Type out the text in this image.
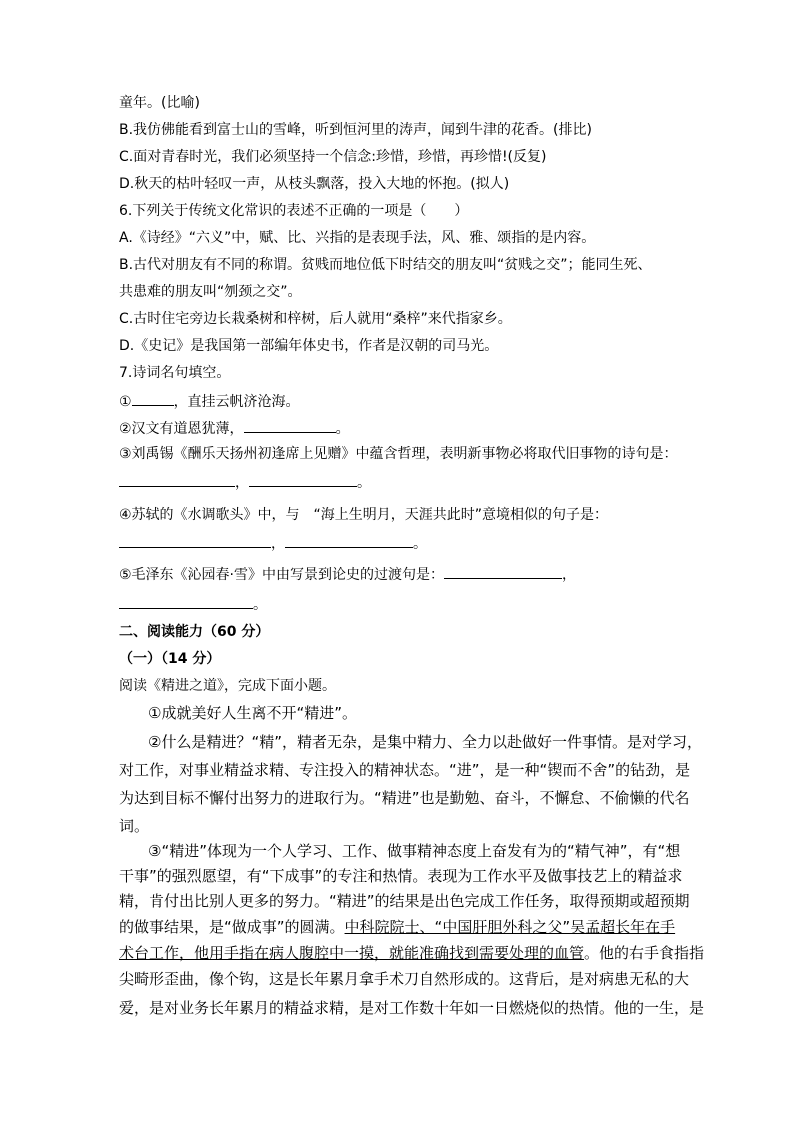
童年。(比喻)
B.我仿佛能看到富士山的雪峰，听到恒河里的涛声，闻到牛津的花香。(排比)
C.面对青春时光，我们必须坚持一个信念:珍惜，珍惜，再珍惜!(反复)
D.秋天的枯叶轻叹一声，从枝头飘落，投入大地的怀抱。(拟人)
6.下列关于传统文化常识的表述不正确的一项是（　　）
A.《诗经》“六义”中，赋、比、兴指的是表现手法，风、雅、颂指的是内容。
B.古代对朋友有不同的称谓。贫贱而地位低下时结交的朋友叫“贫贱之交”；能同生死、
共患难的朋友叫“刎颈之交”。
C.古时住宅旁边长栽桑树和梓树，后人就用“桑梓”来代指家乡。
D.《史记》是我国第一部编年体史书，作者是汉朝的司马光。
7.诗词名句填空。
①	，直挂云帆济沧海。
②汉文有道恩犹薄，	。
③刘禹锡《酬乐天扬州初逢席上见赠》中蕴含哲理，表明新事物必将取代旧事物的诗句是：
，	。
④苏轼的《水调歌头》中，与　“海上生明月，天涯共此时”意境相似的句子是：
，	。
⑤毛泽东《沁园春·雪》中由写景到论史的过渡句是：	，
。
二、阅读能力（60 分）
（一）（14 分）
阅读《精进之道》，完成下面小题。
①成就美好人生离不开“精进”。
②什么是精进？“精”，精者无杂，是集中精力、全力以赴做好一件事情。是对学习，
对工作，对事业精益求精、专注投入的精神状态。“进”，是一种“锲而不舍”的钻劲，是
为达到目标不懈付出努力的进取行为。“精进”也是勤勉、奋斗，不懈怠、不偷懒的代名
词。
③“精进”体现为一个人学习、工作、做事精神态度上奋发有为的“精气神”，有“想
干事”的强烈愿望，有“下成事”的专注和热情。表现为工作水平及做事技艺上的精益求
精，肯付出比别人更多的努力。“精进”的结果是出色完成工作任务，取得预期或超预期
的做事结果，是“做成事”的圆满。中科院院士、“中国肝胆外科之父”吴孟超长年在手
术台工作，他用手指在病人腹腔中一摸，就能准确找到需要处理的血管。他的右手食指指
尖畸形歪曲，像个钩，这是长年累月拿手术刀自然形成的。这背后，是对病患无私的大
爱，是对业务长年累月的精益求精，是对工作数十年如一日燃烧似的热情。他的一生，是
